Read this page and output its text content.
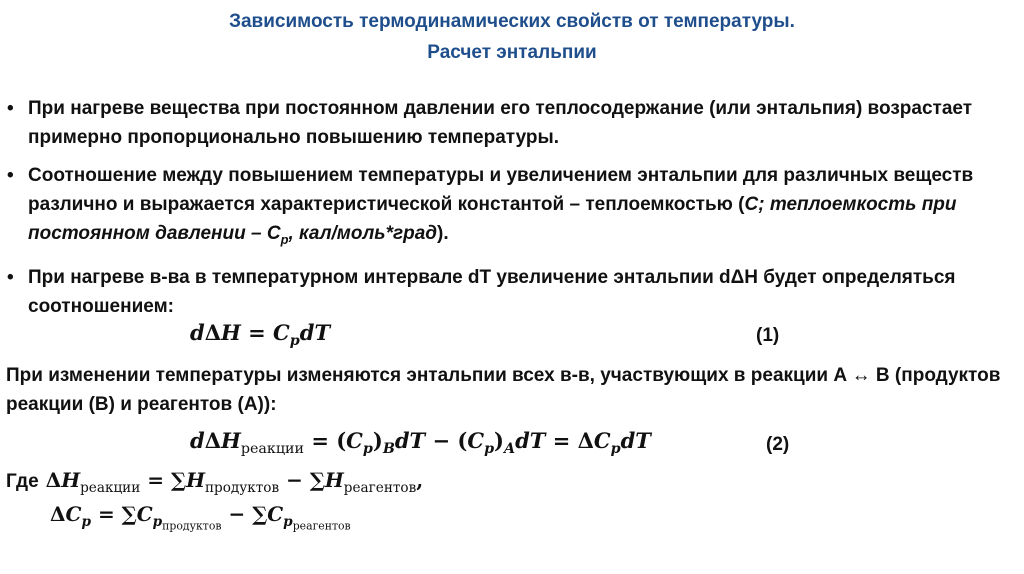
Зависимость термодинамических свойств от температуры.
Расчет энтальпии
• При нагреве вещества при постоянном давлении его теплосодержание (или энтальпия) возрастает примерно пропорционально повышению температуры.
• Соотношение между повышением температуры и увеличением энтальпии для различных веществ различно и выражается характеристической константой – теплоемкостью (C; теплоемкость при постоянном давлении – $C_p$, кал/моль*град).
• При нагреве в-ва в температурном интервале dT увеличение энтальпии dΔH будет определяться соотношением:
$d\Delta H = C_pdT$	(1)
При изменении температуры изменяются энтальпии всех в-в, участвующих в реакции A ↔ B (продуктов реакции (B) и реагентов (A)):
$d\Delta H_{реакции} = (C_p)_BdT - (C_p)_AdT = \Delta C_pdT$	(2)
Где $\Delta H_{реакции} = \sum H_{продуктов} - \sum H_{реагентов}$,
$\Delta C_p = \sum C_{p_{продуктов}} - \sum C_{p_{реагентов}}$
